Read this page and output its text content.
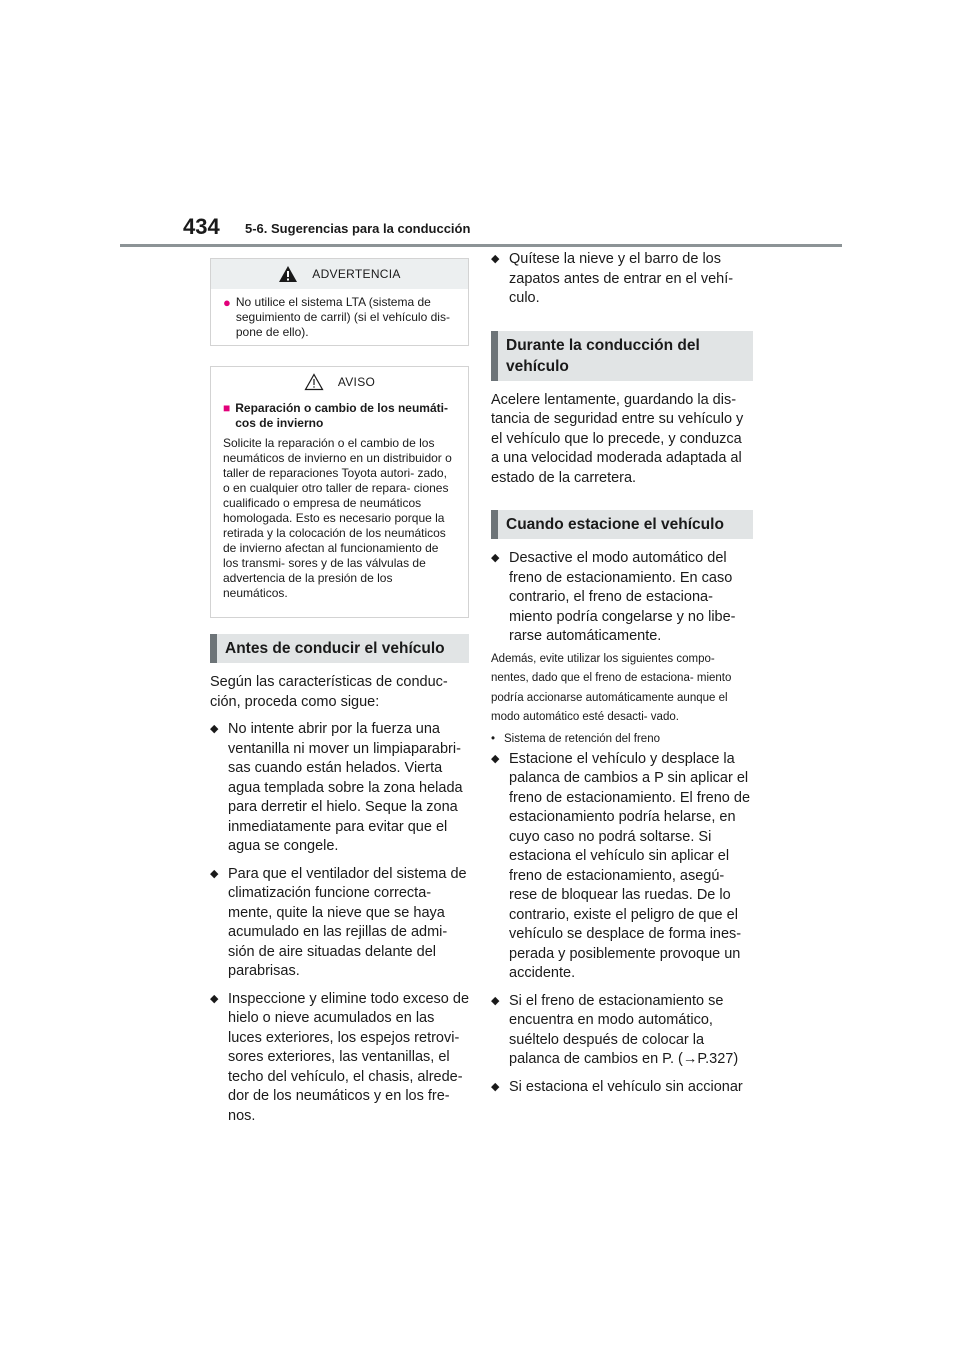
434 5-6. Sugerencias para la conducción
ADVERTENCIA
● No utilice el sistema LTA (sistema de seguimiento de carril) (si el vehículo dis- pone de ello).
AVISO
■ Reparación o cambio de los neumáti- cos de invierno
Solicite la reparación o el cambio de los neumáticos de invierno en un distribuidor o taller de reparaciones Toyota autori- zado, o en cualquier otro taller de repara- ciones cualificado o empresa de neumáticos homologada. Esto es necesario porque la retirada y la colocación de los neumáticos de invierno afectan al funcionamiento de los transmi- sores y de las válvulas de advertencia de la presión de los neumáticos.
Antes de conducir el vehículo
Según las características de conduc- ción, proceda como sigue:
◆ No intente abrir por la fuerza una ventanilla ni mover un limpiaparabri- sas cuando están helados. Vierta agua templada sobre la zona helada para derretir el hielo. Seque la zona inmediatamente para evitar que el agua se congele.
◆ Para que el ventilador del sistema de climatización funcione correcta- mente, quite la nieve que se haya acumulado en las rejillas de admi- sión de aire situadas delante del parabrisas.
◆ Inspeccione y elimine todo exceso de hielo o nieve acumulados en las luces exteriores, los espejos retrovi- sores exteriores, las ventanillas, el techo del vehículo, el chasis, alrede- dor de los neumáticos y en los fre- nos.
◆ Quítese la nieve y el barro de los zapatos antes de entrar en el vehí- culo.
Durante la conducción del vehículo
Acelere lentamente, guardando la dis- tancia de seguridad entre su vehículo y el vehículo que lo precede, y conduzca a una velocidad moderada adaptada al estado de la carretera.
Cuando estacione el vehículo
◆ Desactive el modo automático del freno de estacionamiento. En caso contrario, el freno de estaciona- miento podría congelarse y no libe- rarse automáticamente.
Además, evite utilizar los siguientes compo- nentes, dado que el freno de estaciona- miento podría accionarse automáticamente aunque el modo automático esté desacti- vado.
• Sistema de retención del freno
◆ Estacione el vehículo y desplace la palanca de cambios a P sin aplicar el freno de estacionamiento. El freno de estacionamiento podría helarse, en cuyo caso no podrá soltarse. Si estaciona el vehículo sin aplicar el freno de estacionamiento, asegú- rese de bloquear las ruedas. De lo contrario, existe el peligro de que el vehículo se desplace de forma ines- perada y posiblemente provoque un accidente.
◆ Si el freno de estacionamiento se encuentra en modo automático, suéltelo después de colocar la palanca de cambios en P. (→P.327)
◆ Si estaciona el vehículo sin accionar
